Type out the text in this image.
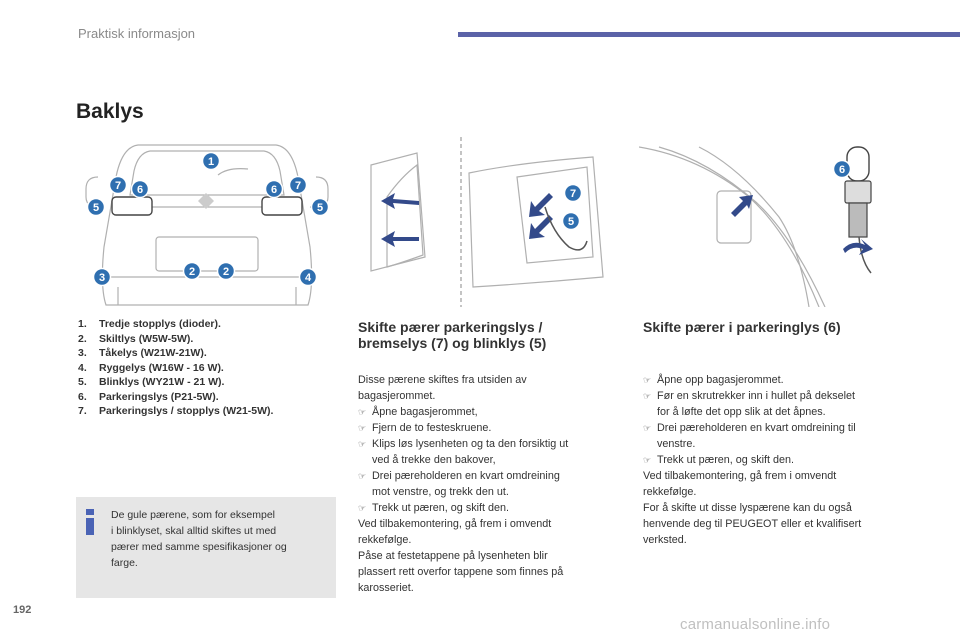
Praktisk informasjon
Baklys
1
7 6	6 7
5	5
3	2	2	4
7
5
6
1.	Tredje stopplys (dioder).
2.	Skiltlys (W5W-5W).
3.	Tåkelys (W21W-21W).
4.	Ryggelys (W16W - 16 W).
5.	Blinklys (WY21W - 21 W).
6.	Parkeringslys (P21-5W).
7.	Parkeringslys / stopplys (W21-5W).
De gule pærene, som for eksempel
i blinklyset, skal alltid skiftes ut med
pærer med samme spesifikasjoner og
farge.
Skifte pærer parkeringslys /
bremselys (7) og blinklys (5)
Disse pærene skiftes fra utsiden av
bagasjerommet.
☞ Åpne bagasjerommet,
☞ Fjern de to festeskruene.
☞ Klips løs lysenheten og ta den forsiktig ut
ved å trekke den bakover,
☞ Drei pæreholderen en kvart omdreining
mot venstre, og trekk den ut.
☞ Trekk ut pæren, og skift den.
Ved tilbakemontering, gå frem i omvendt
rekkefølge.
Påse at festetappene på lysenheten blir
plassert rett overfor tappene som finnes på
karosseriet.
Skifte pærer i parkeringlys (6)
☞ Åpne opp bagasjerommet.
☞ Før en skrutrekker inn i hullet på dekselet
for å løfte det opp slik at det åpnes.
☞ Drei pæreholderen en kvart omdreining til
venstre.
☞ Trekk ut pæren, og skift den.
Ved tilbakemontering, gå frem i omvendt
rekkefølge.
For å skifte ut disse lyspærene kan du også
henvende deg til PEUGEOT eller et kvalifisert
verksted.
192
carmanualsonline.info
